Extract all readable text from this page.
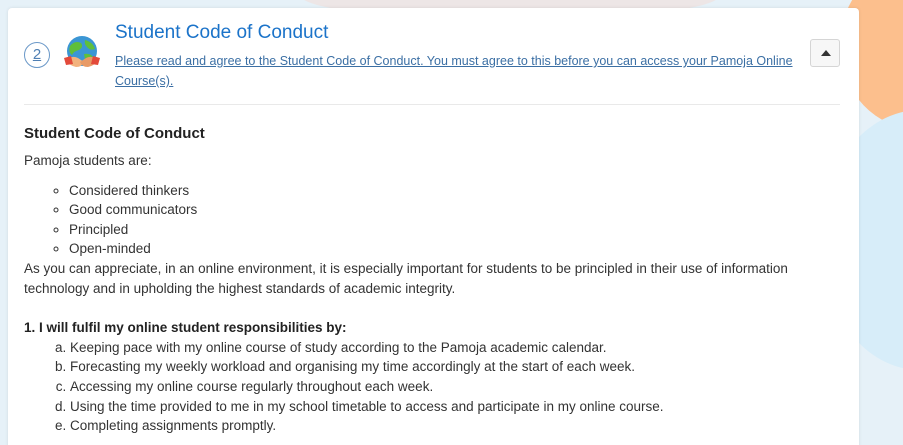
2
Student Code of Conduct
Please read and agree to the Student Code of Conduct. You must agree to this before you can access your Pamoja Online Course(s).
Student Code of Conduct

Pamoja students are:

◦ Considered thinkers
◦ Good communicators
◦ Principled
◦ Open-minded

As you can appreciate, in an online environment, it is especially important for students to be principled in their use of information technology and in upholding the highest standards of academic integrity.

1. I will fulfil my online student responsibilities by:

a. Keeping pace with my online course of study according to the Pamoja academic calendar.
b. Forecasting my weekly workload and organising my time accordingly at the start of each week.
c. Accessing my online course regularly throughout each week.
d. Using the time provided to me in my school timetable to access and participate in my online course.
e. Completing assignments promptly.
